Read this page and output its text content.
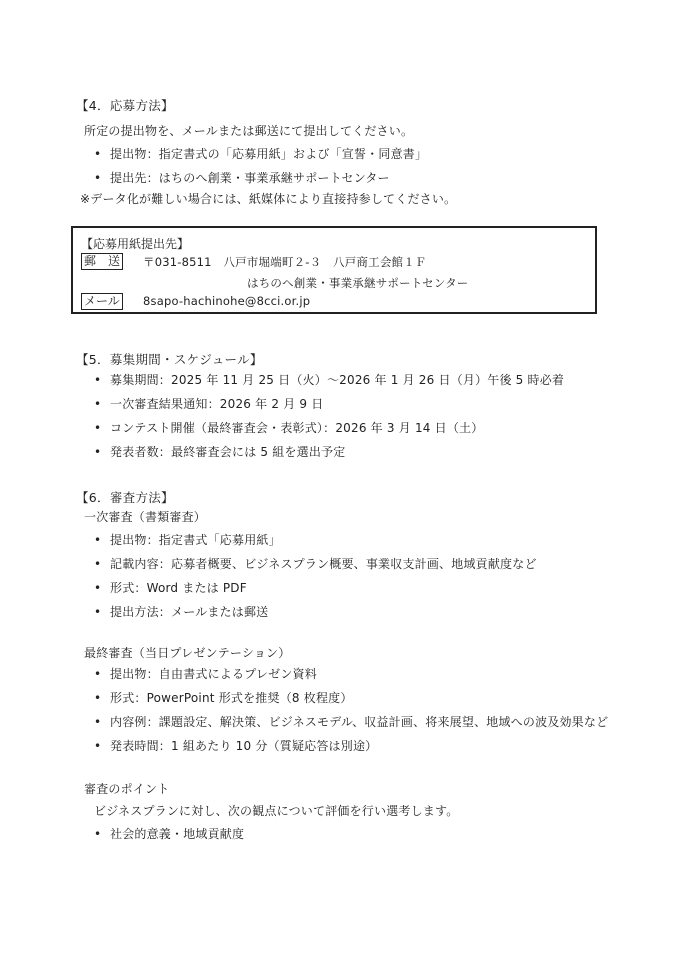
【4．応募方法】
所定の提出物を、メールまたは郵送にて提出してください。
• 提出物：指定書式の「応募用紙」および「宣誓・同意書」
• 提出先：はちのへ創業・事業承継サポートセンター
※データ化が難しい場合には、紙媒体により直接持参してください。
【応募用紙提出先】
郵　送 〒031-8511　八戸市堀端町２-３　八戸商工会館１Ｆ
はちのへ創業・事業承継サポートセンター
メール 8sapo-hachinohe@8cci.or.jp
【5．募集期間・スケジュール】
• 募集期間：2025 年 11 月 25 日（火）～2026 年 1 月 26 日（月）午後 5 時必着
• 一次審査結果通知：2026 年 2 月 9 日
• コンテスト開催（最終審査会・表彰式）：2026 年 3 月 14 日（土）
• 発表者数：最終審査会には 5 組を選出予定
【6．審査方法】
一次審査（書類審査）
• 提出物：指定書式「応募用紙」
• 記載内容：応募者概要、ビジネスプラン概要、事業収支計画、地域貢献度など
• 形式：Word または PDF
• 提出方法：メールまたは郵送
最終審査（当日プレゼンテーション）
• 提出物：自由書式によるプレゼン資料
• 形式：PowerPoint 形式を推奨（8 枚程度）
• 内容例：課題設定、解決策、ビジネスモデル、収益計画、将来展望、地域への波及効果など
• 発表時間：1 組あたり 10 分（質疑応答は別途）
審査のポイント
ビジネスプランに対し、次の観点について評価を行い選考します。
• 社会的意義・地域貢献度
